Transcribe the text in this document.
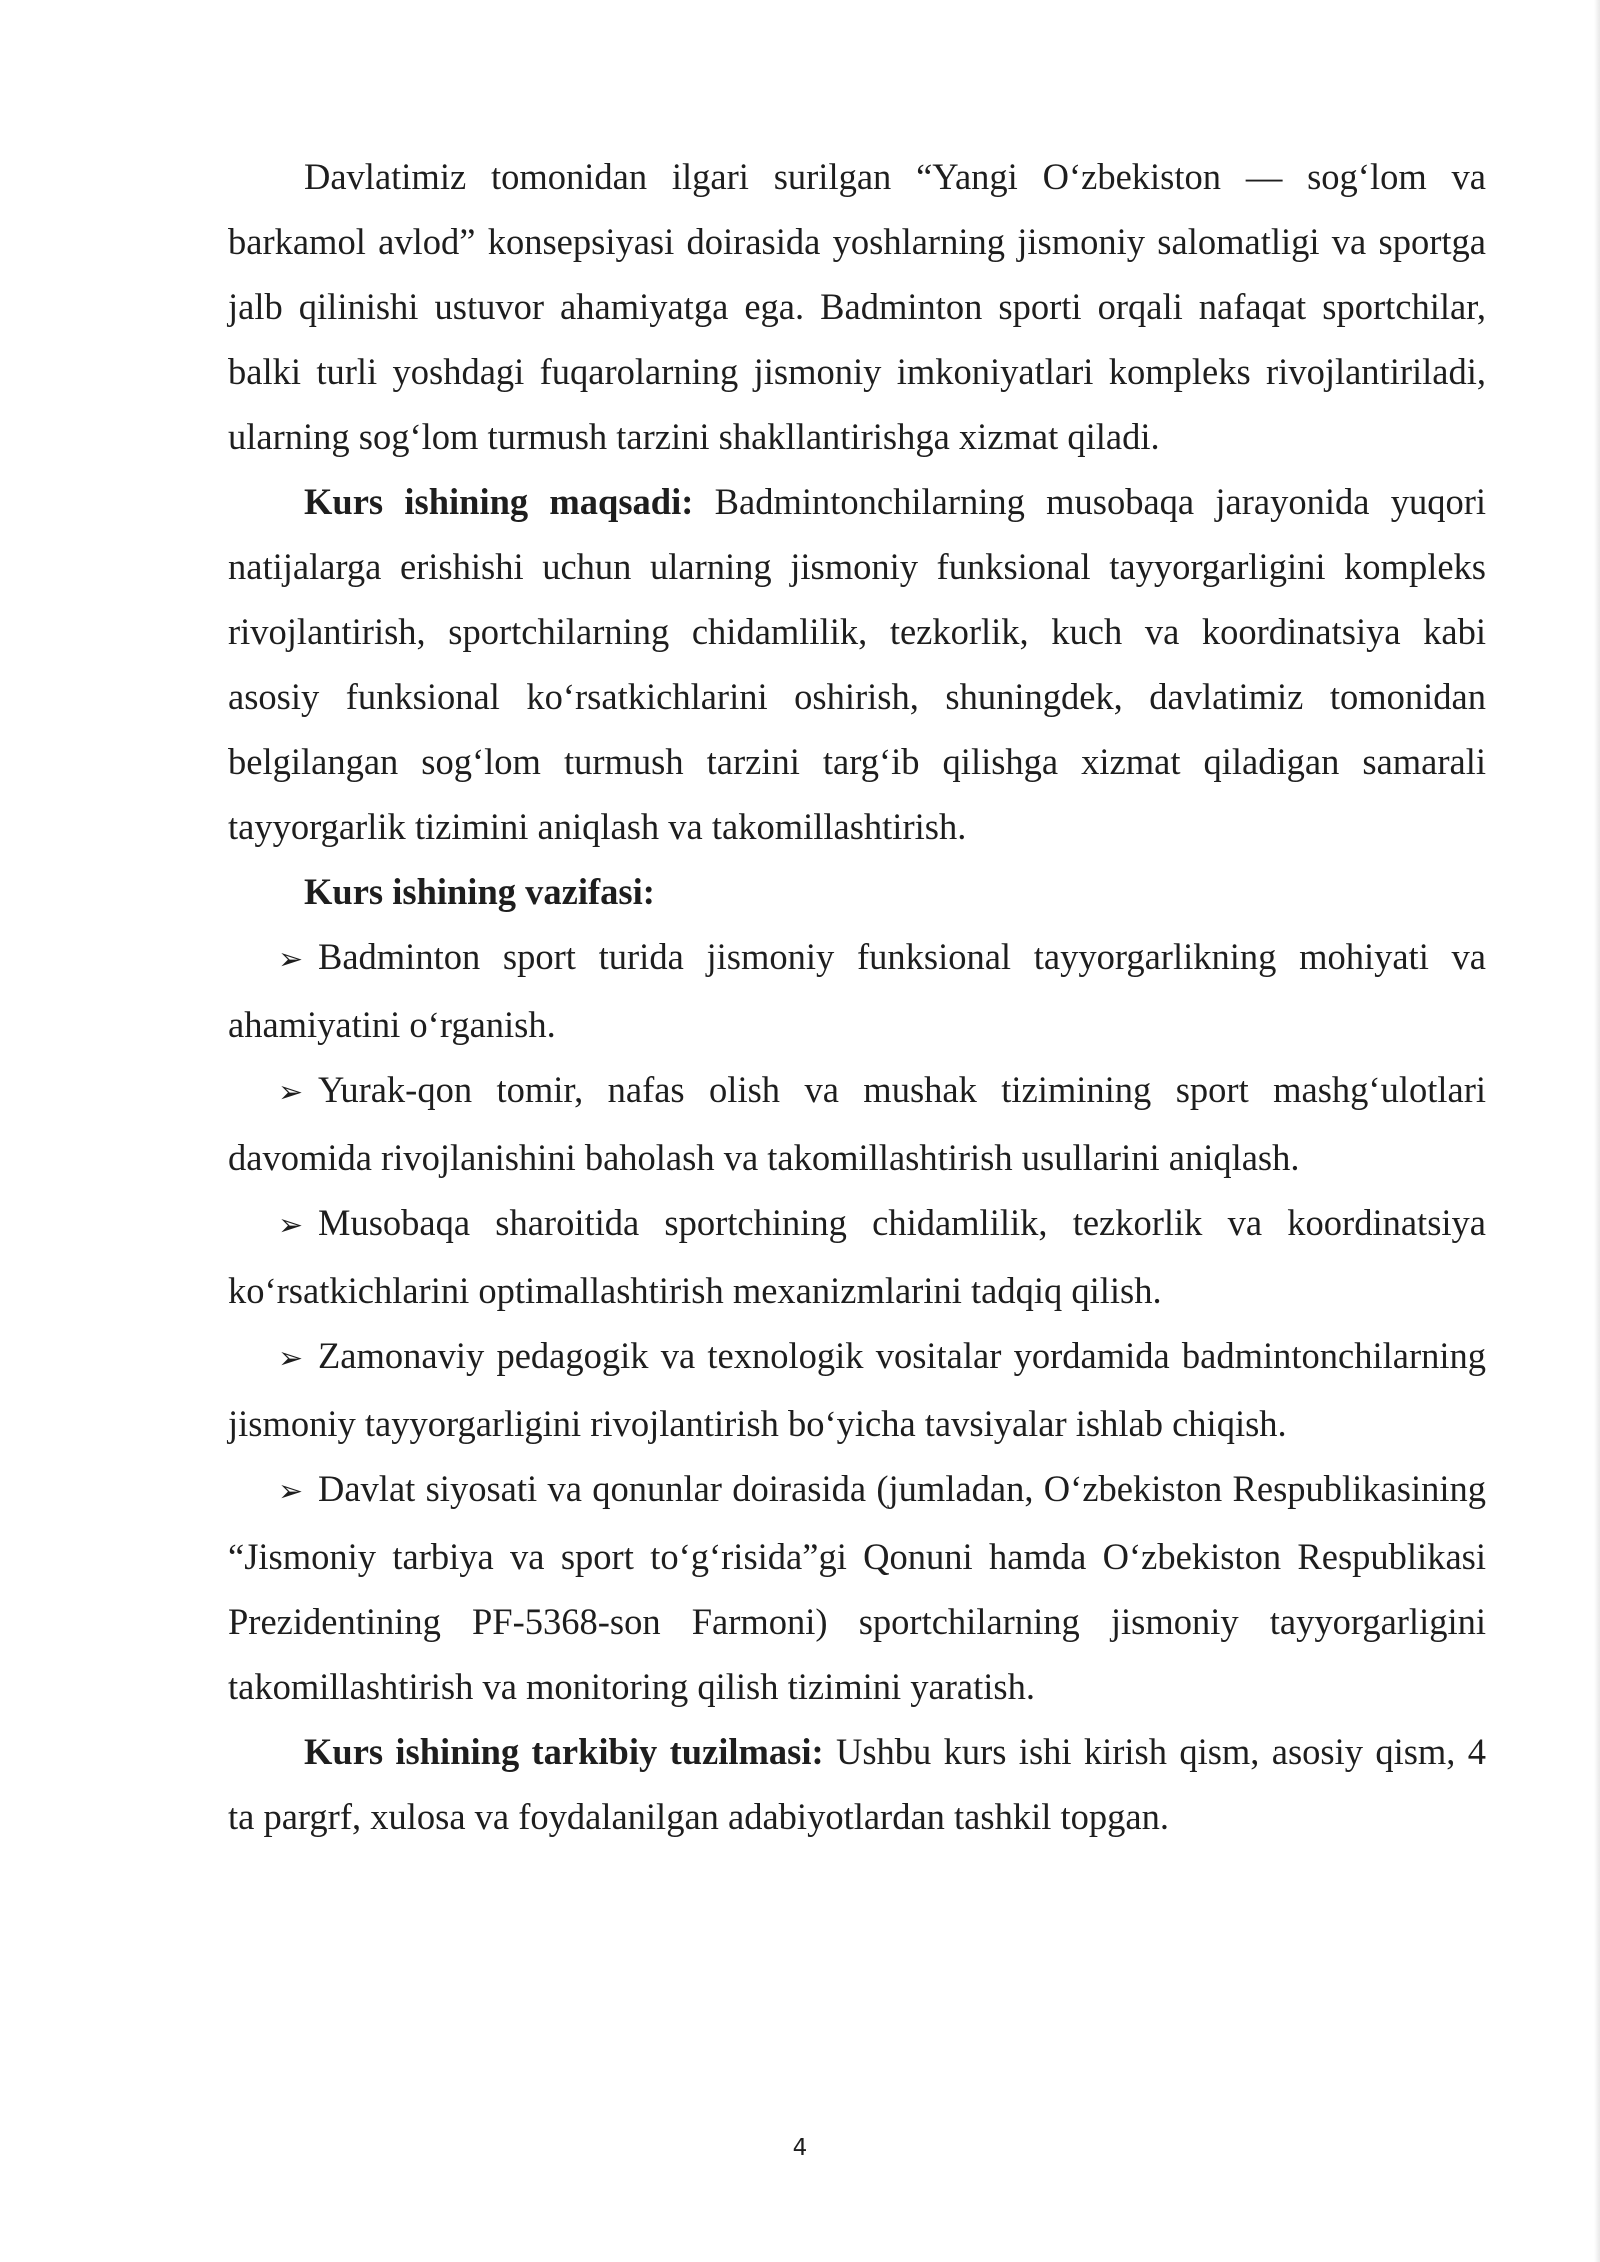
Davlatimiz tomonidan ilgari surilgan “Yangi O‘zbekiston — sog‘lom va barkamol avlod” konsepsiyasi doirasida yoshlarning jismoniy salomatligi va sportga jalb qilinishi ustuvor ahamiyatga ega. Badminton sporti orqali nafaqat sportchilar, balki turli yoshdagi fuqarolarning jismoniy imkoniyatlari kompleks rivojlantiriladi, ularning sog‘lom turmush tarzini shakllantirishga xizmat qiladi.

Kurs ishining maqsadi: Badmintonchilarning musobaqa jarayonida yuqori natijalarga erishishi uchun ularning jismoniy funksional tayyorgarligini kompleks rivojlantirish, sportchilarning chidamlilik, tezkorlik, kuch va koordinatsiya kabi asosiy funksional ko‘rsatkichlarini oshirish, shuningdek, davlatimiz tomonidan belgilangan sog‘lom turmush tarzini targ‘ib qilishga xizmat qiladigan samarali tayyorgarlik tizimini aniqlash va takomillashtirish.

Kurs ishining vazifasi:

➢ Badminton sport turida jismoniy funksional tayyorgarlikning mohiyati va ahamiyatini o‘rganish.

➢ Yurak-qon tomir, nafas olish va mushak tizimining sport mashg‘ulotlari davomida rivojlanishini baholash va takomillashtirish usullarini aniqlash.

➢ Musobaqa sharoitida sportchining chidamlilik, tezkorlik va koordinatsiya ko‘rsatkichlarini optimallashtirish mexanizmlarini tadqiq qilish.

➢ Zamonaviy pedagogik va texnologik vositalar yordamida badmintonchilarning jismoniy tayyorgarligini rivojlantirish bo‘yicha tavsiyalar ishlab chiqish.

➢ Davlat siyosati va qonunlar doirasida (jumladan, O‘zbekiston Respublikasining “Jismoniy tarbiya va sport to‘g‘risida”gi Qonuni hamda O‘zbekiston Respublikasi Prezidentining PF-5368-son Farmoni) sportchilarning jismoniy tayyorgarligini takomillashtirish va monitoring qilish tizimini yaratish.

Kurs ishining tarkibiy tuzilmasi: Ushbu kurs ishi kirish qism, asosiy qism, 4 ta pargrf, xulosa va foydalanilgan adabiyotlardan tashkil topgan.

4
